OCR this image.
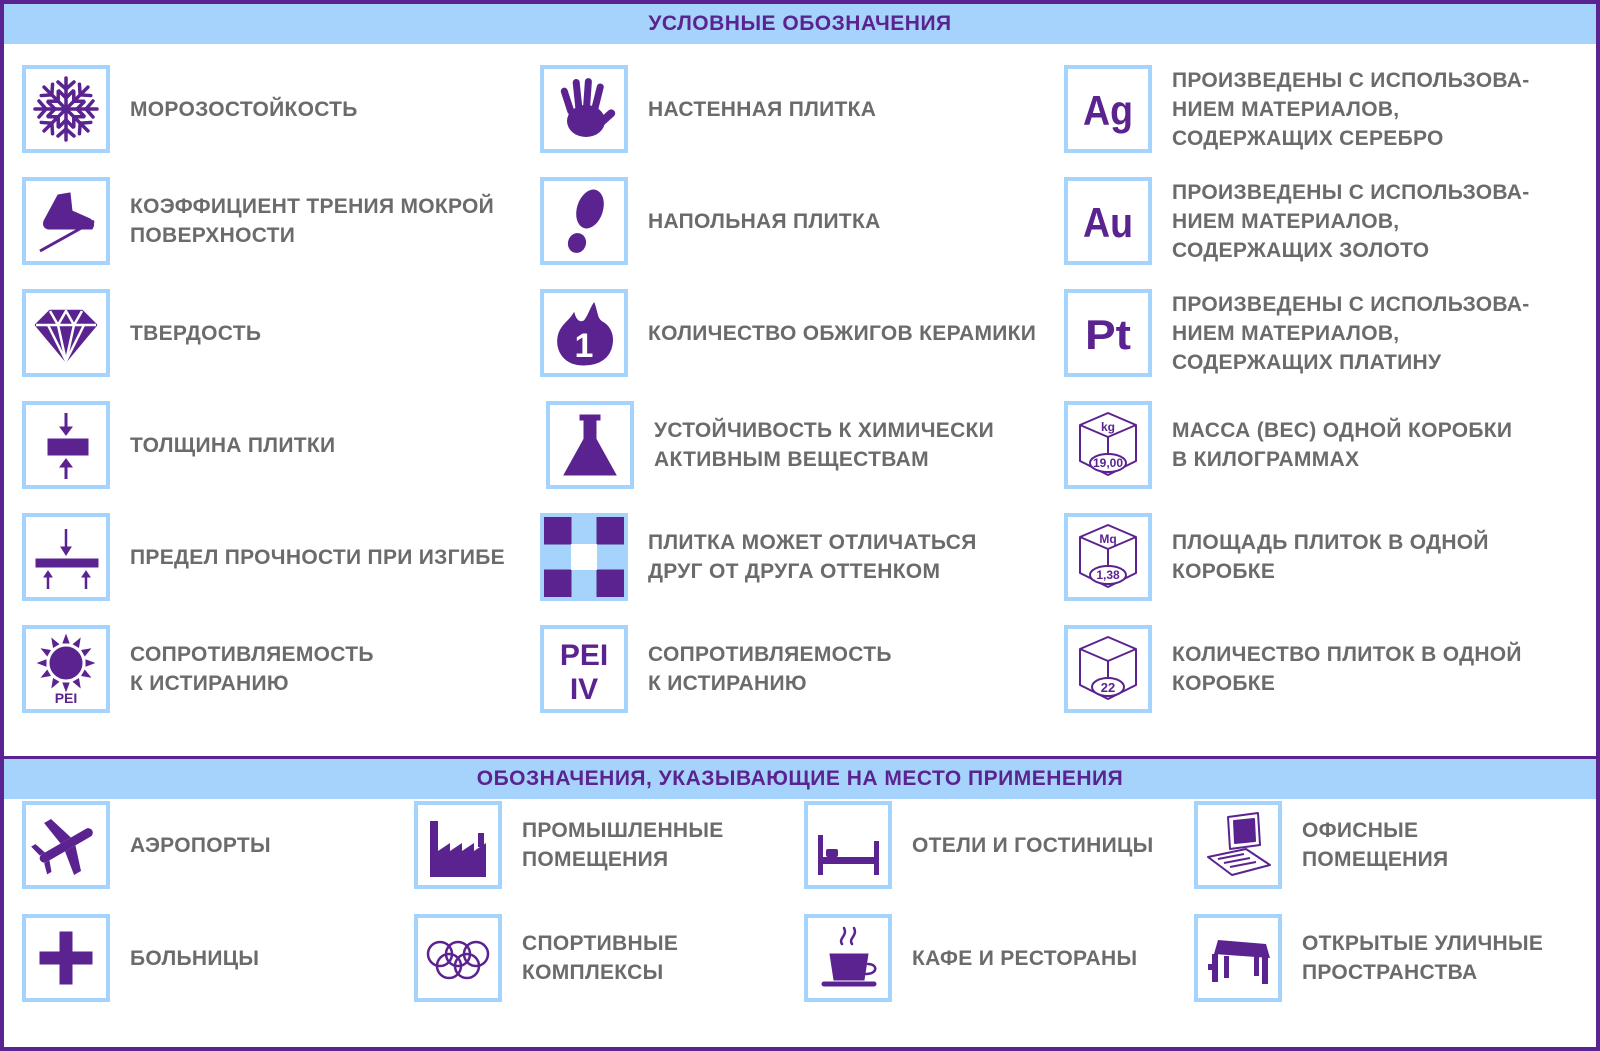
УСЛОВНЫЕ ОБОЗНАЧЕНИЯ
МОРОЗОСТОЙКОСТЬ
КОЭФФИЦИЕНТ ТРЕНИЯ МОКРОЙ
ПОВЕРХНОСТИ
ТВЕРДОСТЬ
ТОЛЩИНА ПЛИТКИ
ПРЕДЕЛ ПРОЧНОСТИ ПРИ ИЗГИБЕ
PEI
СОПРОТИВЛЯЕМОСТЬ
К ИСТИРАНИЮ
НАСТЕННАЯ ПЛИТКА
НАПОЛЬНАЯ ПЛИТКА
1	КОЛИЧЕСТВО ОБЖИГОВ КЕРАМИКИ
УСТОЙЧИВОСТЬ К ХИМИЧЕСКИ
АКТИВНЫМ ВЕЩЕСТВАМ
ПЛИТКА МОЖЕТ ОТЛИЧАТЬСЯ
ДРУГ ОТ ДРУГА ОТТЕНКОМ
PEI
IV
СОПРОТИВЛЯЕМОСТЬ
К ИСТИРАНИЮ
Ag
ПРОИЗВЕДЕНЫ С ИСПОЛЬЗОВА-
НИЕМ МАТЕРИАЛОВ,
СОДЕРЖАЩИХ СЕРЕБРО
Au
ПРОИЗВЕДЕНЫ С ИСПОЛЬЗОВА-
НИЕМ МАТЕРИАЛОВ,
СОДЕРЖАЩИХ ЗОЛОТО
Pt
ПРОИЗВЕДЕНЫ С ИСПОЛЬЗОВА-
НИЕМ МАТЕРИАЛОВ,
СОДЕРЖАЩИХ ПЛАТИНУ
kg
19,00
МАССА (ВЕС) ОДНОЙ КОРОБКИ
В КИЛОГРАММАХ
Mq
1,38
ПЛОЩАДЬ ПЛИТОК В ОДНОЙ
КОРОБКЕ
22
КОЛИЧЕСТВО ПЛИТОК В ОДНОЙ
КОРОБКЕ
ОБОЗНАЧЕНИЯ, УКАЗЫВАЮЩИЕ НА МЕСТО ПРИМЕНЕНИЯ
АЭРОПОРТЫ
ПРОМЫШЛЕННЫЕ
ПОМЕЩЕНИЯ
ОТЕЛИ И ГОСТИНИЦЫ
ОФИСНЫЕ
ПОМЕЩЕНИЯ
БОЛЬНИЦЫ
СПОРТИВНЫЕ
КОМПЛЕКСЫ
КАФЕ И РЕСТОРАНЫ
ОТКРЫТЫЕ УЛИЧНЫЕ
ПРОСТРАНСТВА
